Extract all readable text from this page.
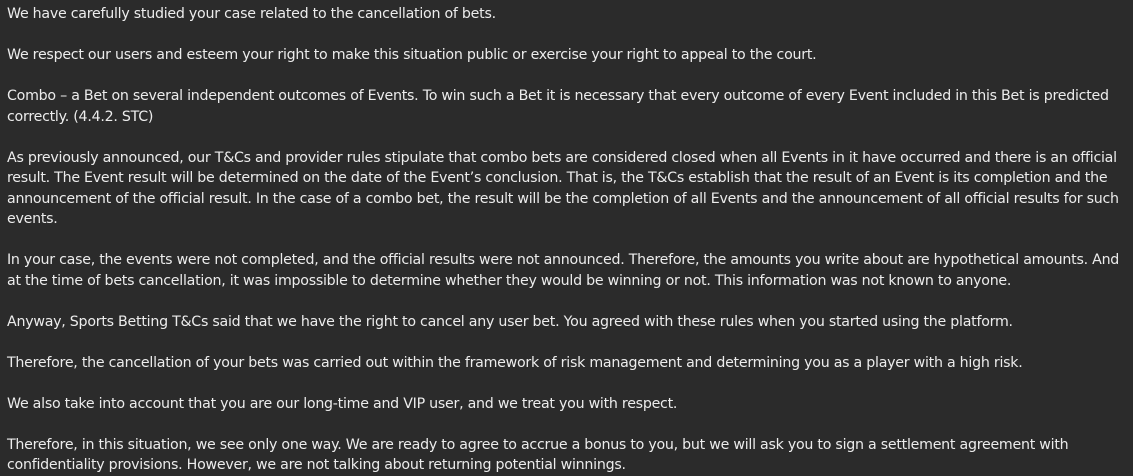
We have carefully studied your case related to the cancellation of bets.

We respect our users and esteem your right to make this situation public or exercise your right to appeal to the court.

Combo – a Bet on several independent outcomes of Events. To win such a Bet it is necessary that every outcome of every Event included in this Bet is predicted correctly. (4.4.2. STC)

As previously announced, our T&Cs and provider rules stipulate that combo bets are considered closed when all Events in it have occurred and there is an official result. The Event result will be determined on the date of the Event’s conclusion. That is, the T&Cs establish that the result of an Event is its completion and the announcement of the official result. In the case of a combo bet, the result will be the completion of all Events and the announcement of all official results for such events.

In your case, the events were not completed, and the official results were not announced. Therefore, the amounts you write about are hypothetical amounts. And at the time of bets cancellation, it was impossible to determine whether they would be winning or not. This information was not known to anyone.

Anyway, Sports Betting T&Cs said that we have the right to cancel any user bet. You agreed with these rules when you started using the platform.

Therefore, the cancellation of your bets was carried out within the framework of risk management and determining you as a player with a high risk.

We also take into account that you are our long-time and VIP user, and we treat you with respect.

Therefore, in this situation, we see only one way. We are ready to agree to accrue a bonus to you, but we will ask you to sign a settlement agreement with confidentiality provisions. However, we are not talking about returning potential winnings.
